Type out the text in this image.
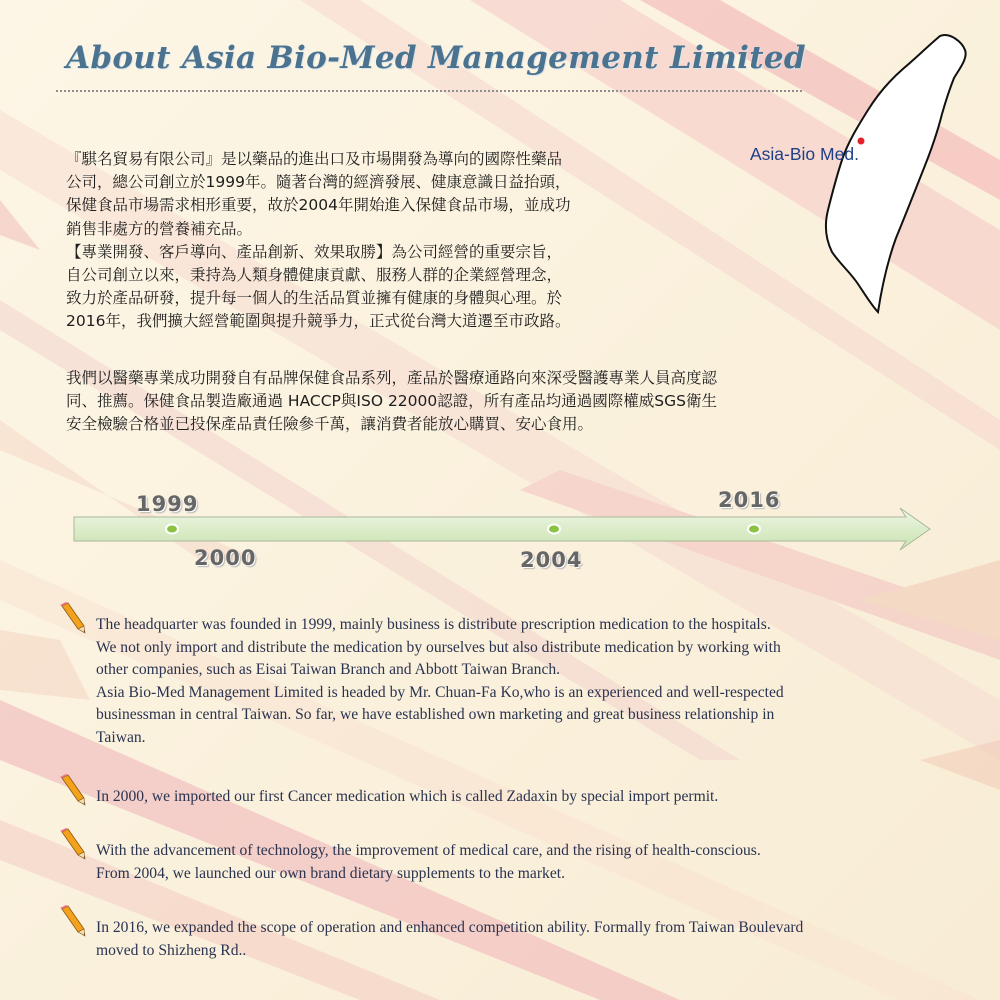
About Asia Bio-Med Management Limited
Asia-Bio Med.

『騏名貿易有限公司』是以藥品的進出口及市場開發為導向的國際性藥品

公司，總公司創立於1999年。隨著台灣的經濟發展、健康意識日益抬頭，

保健食品市場需求相形重要，故於2004年開始進入保健食品市場，並成功

銷售非處方的營養補充品。

【專業開發、客戶導向、產品創新、效果取勝】為公司經營的重要宗旨，

自公司創立以來，秉持為人類身體健康貢獻、服務人群的企業經營理念，

致力於產品研發，提升每一個人的生活品質並擁有健康的身體與心理。於

2016年，我們擴大經營範圍與提升競爭力，正式從台灣大道遷至市政路。

我們以醫藥專業成功開發自有品牌保健食品系列，產品於醫療通路向來深受醫護專業人員高度認

同、推薦。保健食品製造廠通過 HACCP與ISO 22000認證，所有產品均通過國際權威SGS衛生

安全檢驗合格並已投保產品責任險參千萬，讓消費者能放心購買、安心食用。

1999
2000	2004
2016

The headquarter was founded in 1999, mainly business is distribute prescription medication to the hospitals.

We not only import and distribute the medication by ourselves but also distribute medication by working with

other companies, such as Eisai Taiwan Branch and Abbott Taiwan Branch.

Asia Bio-Med Management Limited is headed by Mr. Chuan-Fa Ko,who is an experienced and well-respected

businessman in central Taiwan. So far, we have established own marketing and great business relationship in

Taiwan.

In 2000, we imported our first Cancer medication which is called Zadaxin by special import permit.

With the advancement of technology, the improvement of medical care, and the rising of health-conscious.

From 2004, we launched our own brand dietary supplements to the market.

In 2016, we expanded the scope of operation and enhanced competition ability. Formally from Taiwan Boulevard

moved to Shizheng Rd..
